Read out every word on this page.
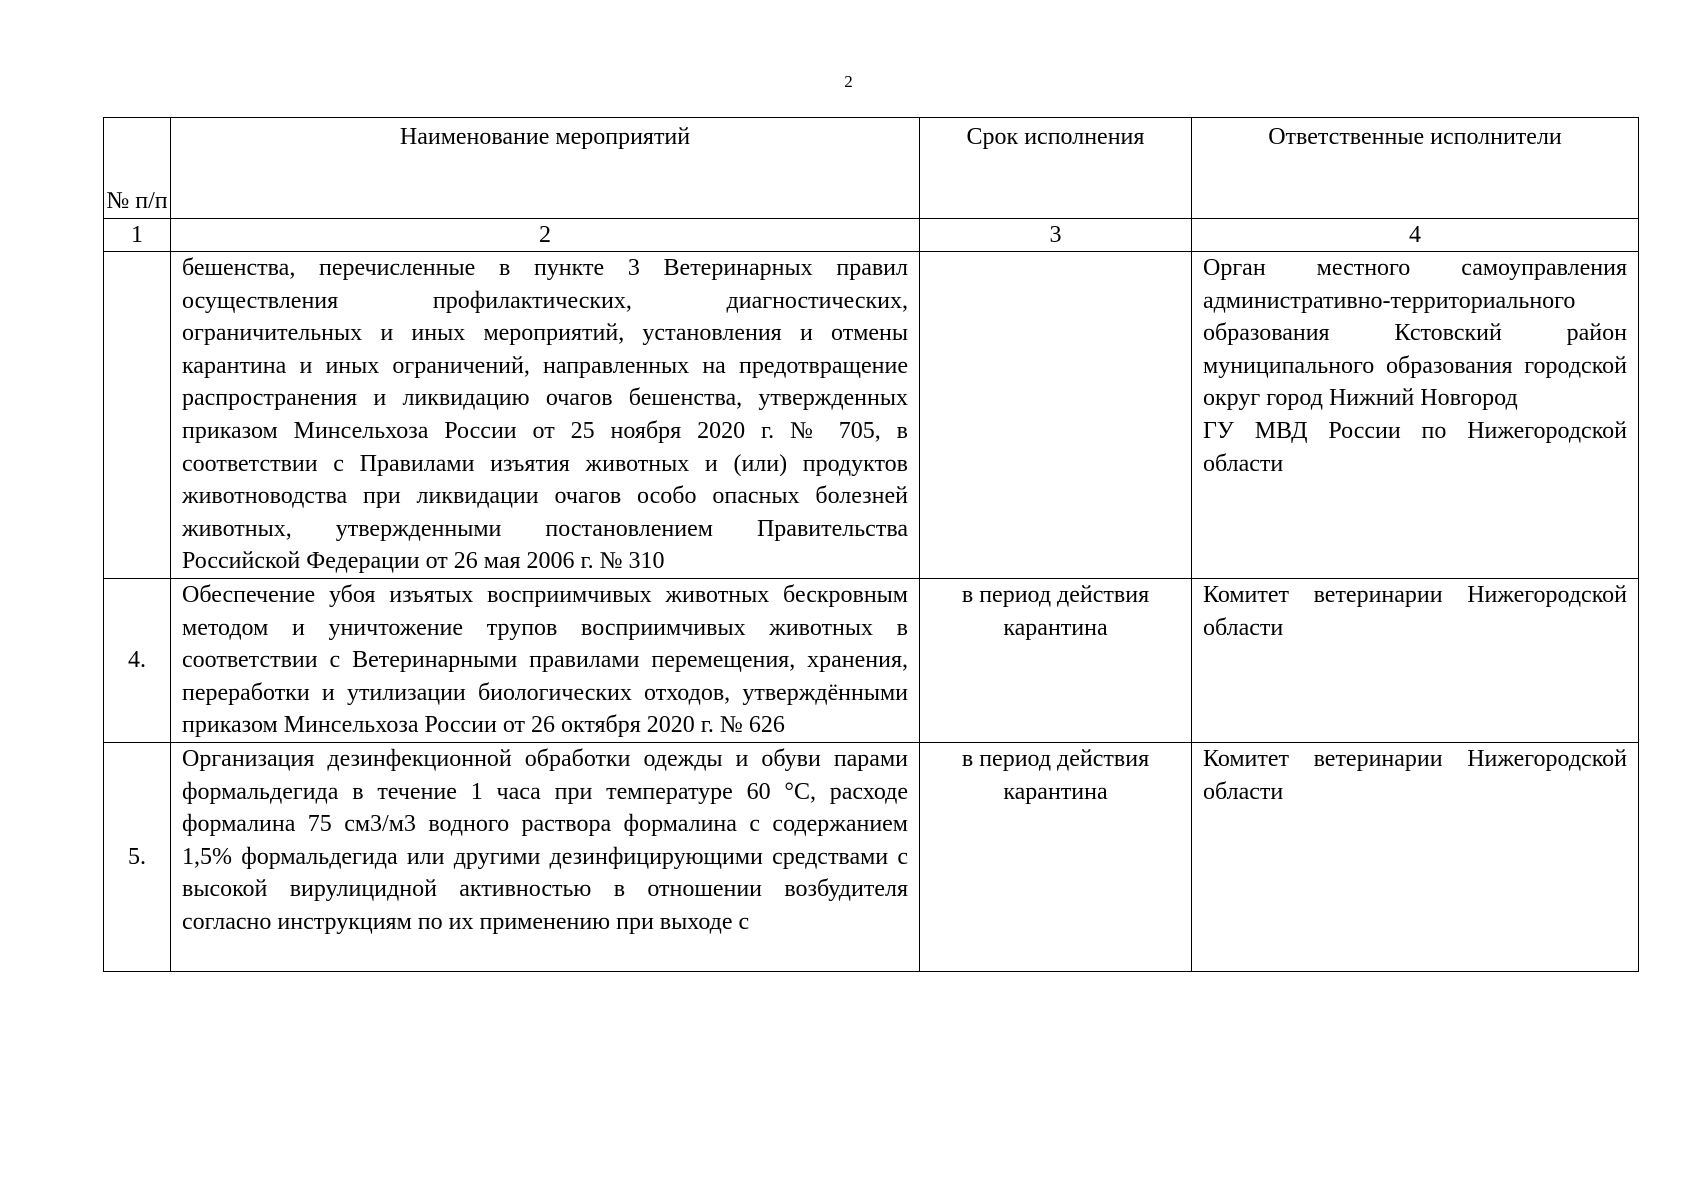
2
№ п/п	Наименование мероприятий	Срок исполнения	Ответственные исполнители

1	2	3	4
	бешенства, перечисленные в пункте 3 Ветеринарных правил осуществления профилактических, диагностических, ограничительных и иных мероприятий, установления и отмены карантина и иных ограничений, направленных на предотвращение распространения и ликвидацию очагов бешенства, утвержденных приказом Минсельхоза России от 25 ноября 2020 г. № 705, в соответствии с Правилами изъятия животных и (или) продуктов животноводства при ликвидации очагов особо опасных болезней животных, утвержденными постановлением Правительства Российской Федерации от 26 мая 2006 г. № 310		Орган местного самоуправления административно-территориального образования Кстовский район муниципального образования городской округ город Нижний Новгород
ГУ МВД России по Нижегородской области

4.	Обеспечение убоя изъятых восприимчивых животных бескровным методом и уничтожение трупов восприимчивых животных в соответствии с Ветеринарными правилами перемещения, хранения, переработки и утилизации биологических отходов, утверждёнными приказом Минсельхоза России от 26 октября 2020 г. № 626	в период действия карантина	Комитет ветеринарии Нижегородской области

5.	Организация дезинфекционной обработки одежды и обуви парами формальдегида в течение 1 часа при температуре 60 °С, расходе формалина 75 см3/м3 водного раствора формалина с содержанием 1,5% формальдегида или другими дезинфицирующими средствами с высокой вирулицидной активностью в отношении возбудителя согласно инструкциям по их применению при выходе с	в период действия карантина	Комитет ветеринарии Нижегородской области
